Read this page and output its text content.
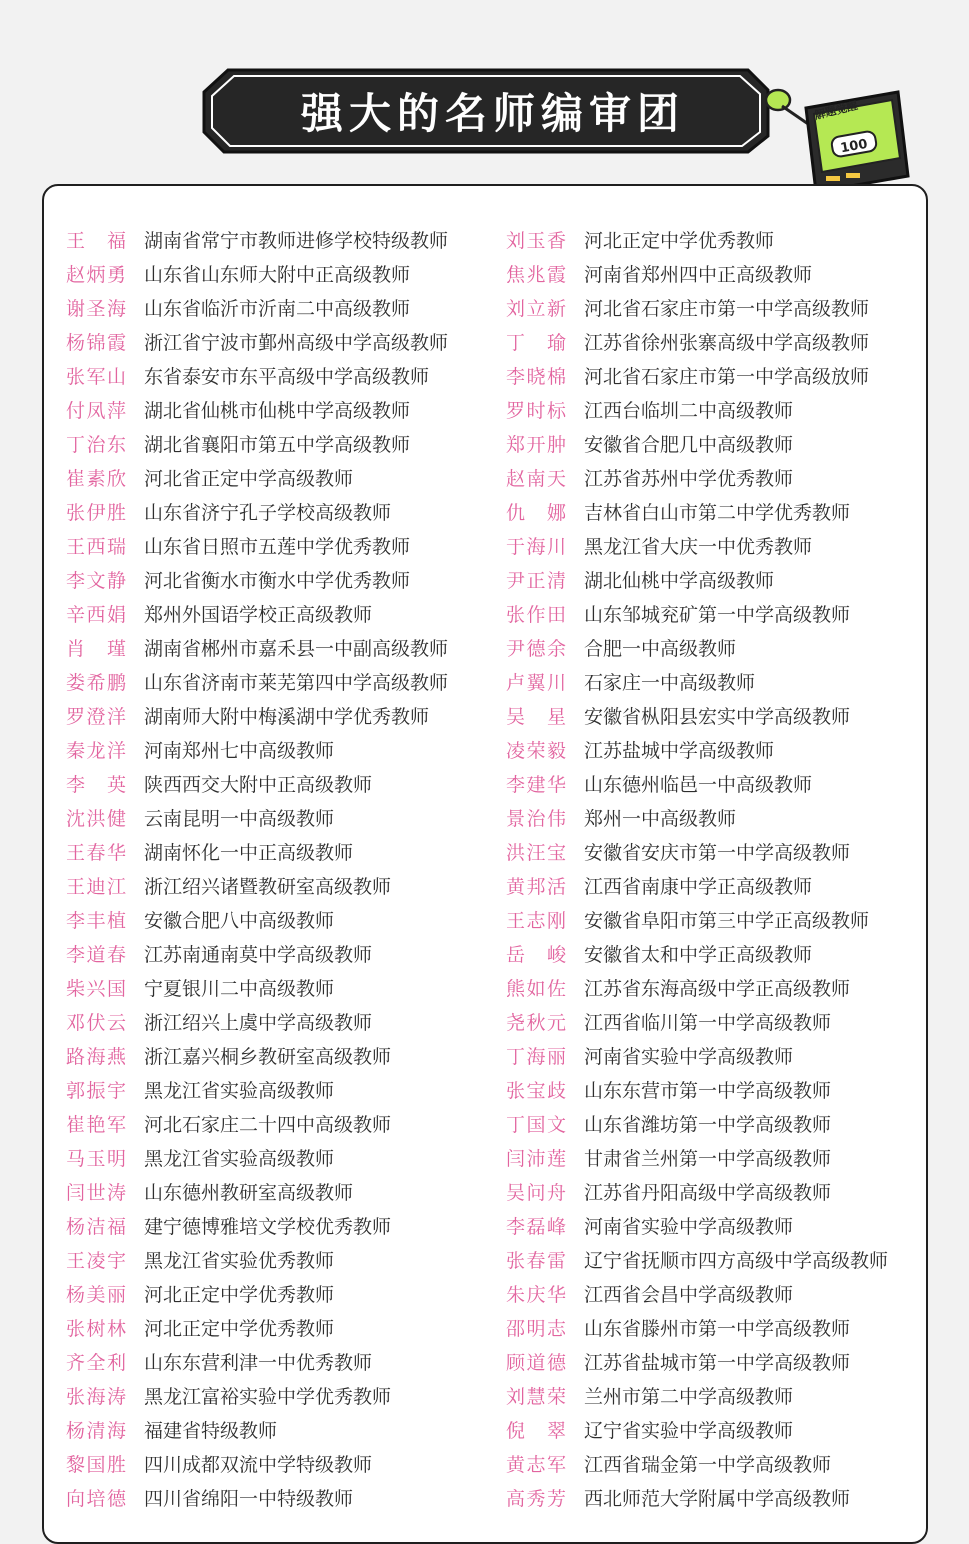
强大的名师编审团
100
解题觉醒
王　福 湖南省常宁市教师进修学校特级教师
赵炳勇 山东省山东师大附中正高级教师
谢圣海 山东省临沂市沂南二中高级教师
杨锦霞 浙江省宁波市鄞州高级中学高级教师
张军山 东省泰安市东平高级中学高级教师
付凤萍 湖北省仙桃市仙桃中学高级教师
丁治东 湖北省襄阳市第五中学高级教师
崔素欣 河北省正定中学高级教师
张伊胜 山东省济宁孔子学校高级教师
王西瑞 山东省日照市五莲中学优秀教师
李文静 河北省衡水市衡水中学优秀教师
辛西娟 郑州外国语学校正高级教师
肖　瑾 湖南省郴州市嘉禾县一中副高级教师
娄希鹏 山东省济南市莱芜第四中学高级教师
罗澄洋 湖南师大附中梅溪湖中学优秀教师
秦龙洋 河南郑州七中高级教师
李　英 陕西西交大附中正高级教师
沈洪健 云南昆明一中高级教师
王春华 湖南怀化一中正高级教师
王迪江 浙江绍兴诸暨教研室高级教师
李丰植 安徽合肥八中高级教师
李道春 江苏南通南莫中学高级教师
柴兴国 宁夏银川二中高级教师
邓伏云 浙江绍兴上虞中学高级教师
路海燕 浙江嘉兴桐乡教研室高级教师
郭振宇 黑龙江省实验高级教师
崔艳军 河北石家庄二十四中高级教师
马玉明 黑龙江省实验高级教师
闫世涛 山东德州教研室高级教师
杨洁福 建宁德博雅培文学校优秀教师
王凌宇 黑龙江省实验优秀教师
杨美丽 河北正定中学优秀教师
张树林 河北正定中学优秀教师
齐全利 山东东营利津一中优秀教师
张海涛 黑龙江富裕实验中学优秀教师
杨清海 福建省特级教师
黎国胜 四川成都双流中学特级教师
向培德 四川省绵阳一中特级教师
刘玉香 河北正定中学优秀教师
焦兆霞 河南省郑州四中正高级教师
刘立新 河北省石家庄市第一中学高级教师
丁　瑜 江苏省徐州张寨高级中学高级教师
李晓棉 河北省石家庄市第一中学高级放师
罗时标 江西台临圳二中高级教师
郑开肿 安徽省合肥几中高级教师
赵南天 江苏省苏州中学优秀教师
仇　娜 吉林省白山市第二中学优秀教师
于海川 黑龙江省大庆一中优秀教师
尹正清 湖北仙桃中学高级教师
张作田 山东邹城兖矿第一中学高级教师
尹德余 合肥一中高级教师
卢翼川 石家庄一中高级教师
吴　星 安徽省枞阳县宏实中学高级教师
凌荣毅 江苏盐城中学高级教师
李建华 山东德州临邑一中高级教师
景治伟 郑州一中高级教师
洪汪宝 安徽省安庆市第一中学高级教师
黄邦活 江西省南康中学正高级教师
王志刚 安徽省阜阳市第三中学正高级教师
岳　峻 安徽省太和中学正高级教师
熊如佐 江苏省东海高级中学正高级教师
尧秋元 江西省临川第一中学高级教师
丁海丽 河南省实验中学高级教师
张宝歧 山东东营市第一中学高级教师
丁国文 山东省潍坊第一中学高级教师
闫沛莲 甘肃省兰州第一中学高级教师
吴问舟 江苏省丹阳高级中学高级教师
李磊峰 河南省实验中学高级教师
张春雷 辽宁省抚顺市四方高级中学高级教师
朱庆华 江西省会昌中学高级教师
邵明志 山东省滕州市第一中学高级教师
顾道德 江苏省盐城市第一中学高级教师
刘慧荣 兰州市第二中学高级教师
倪　翠 辽宁省实验中学高级教师
黄志军 江西省瑞金第一中学高级教师
高秀芳 西北师范大学附属中学高级教师
